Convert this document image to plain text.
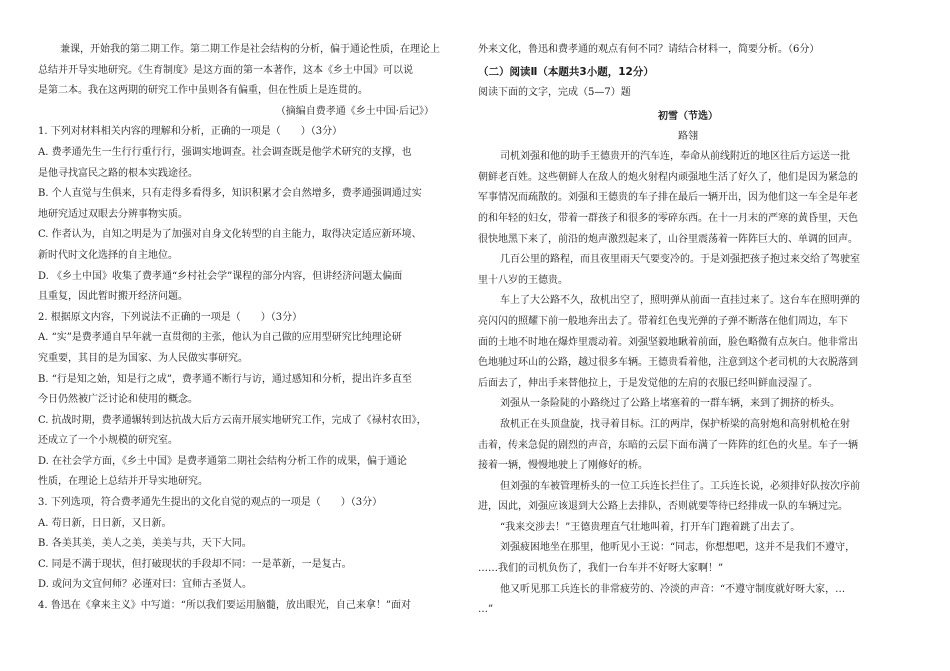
兼课，开始我的第二期工作。第二期工作是社会结构的分析，偏于通论性质，在理论上
总结并开导实地研究。《生育制度》是这方面的第一本著作，这本《乡土中国》可以说
是第二本。我在这两期的研究工作中虽则各有偏重，但在性质上是连贯的。
（摘编自费孝通《乡土中国·后记》）
1. 下列对材料相关内容的理解和分析，正确的一项是（　　）（3分）
A. 费孝通先生一生行行重行行，强调实地调查。社会调查既是他学术研究的支撑，也
是他寻找富民之路的根本实践途径。
B. 个人直觉与生俱来，只有走得多看得多，知识积累才会自然增多，费孝通强调通过实
地研究适过双眼去分辨事物实质。
C. 作者认为，自知之明是为了加强对自身文化转型的自主能力，取得决定适应新环境、
新时代时文化选择的自主地位。
D. 《乡土中国》收集了费孝通“乡村社会学”课程的部分内容，但讲经济问题太偏面
且重复，因此暂时搬开经济问题。
2. 根据原文内容，下列说法不正确的一项是（　　）（3分）
A. “实”是费孝通自早年就一直贯彻的主张，他认为自己做的应用型研究比纯理论研
究重要，其目的是为国家、为人民做实事研究。
B. “行是知之始，知是行之成”，费孝通不断行与访，通过感知和分析，提出许多直至
今日仍然被广泛讨论和使用的概念。
C. 抗战时期，费孝通辗转到达抗战大后方云南开展实地研究工作，完成了《禄村农田》，
还成立了一个小规模的研究室。
D. 在社会学方面，《乡土中国》是费孝通第二期社会结构分析工作的成果，偏于通论
性质，在理论上总结并开导实地研究。
3. 下列选项，符合费孝通先生提出的文化自觉的观点的一项是（　　）（3分）
A. 苟日新，日日新，又日新。
B. 各美其美，美人之美，美美与共，天下大同。
C. 同是不满于现状，但打破现状的手段却不同：一是革新，一是复古。
D. 或问为文宜何师？必谨对曰：宜师古圣贤人。
4. 鲁迅在《拿来主义》中写道：“所以我们要运用脑髓，放出眼光，自己来拿！”面对
外来文化，鲁迅和费孝通的观点有何不同？请结合材料一，简要分析。（6分）
（二）阅读Ⅱ（本题共3小题，12分）
阅读下面的文字，完成（5—7）题
初雪（节选）
路翎
司机刘强和他的助手王德贵开的汽车连，奉命从前线附近的地区往后方运送一批
朝鲜老百姓。这些朝鲜人在敌人的炮火射程内顽强地生活了好久了，他们是因为紧急的
军事情况而疏散的。刘强和王德贵的车子排在最后一辆开出，因为他们这一车全是年老
的和年轻的妇女，带着一群孩子和很多的零碎东西。在十一月末的严寒的黄昏里，天色
很快地黑下来了，前沿的炮声激烈起来了，山谷里震荡着一阵阵巨大的、单调的回声。
几百公里的路程，而且夜里雨天气要变冷的。于是刘强把孩子抱过来交给了驾驶室
里十八岁的王德贵。
车上了大公路不久，敌机出空了，照明弹从前面一直挂过来了。这台车在照明弹的
亮闪闪的照耀下前一般地奔出去了。带着红色曳光弹的子弹不断落在他们周边，车下
面的土地不时地在爆炸里震动着。刘强坚毅地瞅着前面，脸色略微有点灰白。他非常出
色地驰过环山的公路，越过很多车辆。王德贵看着他，注意到这个老司机的大衣脱落到
后面去了，伸出手来替他拉上，于是发觉他的左肩的衣服已经叫鲜血浸湿了。
刘强从一条险陡的小路绕过了公路上堵塞着的一群车辆，来到了拥挤的桥头。
敌机正在头顶盘旋，找寻着目标。江的两岸，保护桥梁的高射炮和高射机枪在射
击着，传来急促的剧烈的声音，东暗的云层下面布满了一阵阵的红色的火星。车子一辆
接着一辆，慢慢地驶上了刚修好的桥。
但刘强的车被管理桥头的一位工兵连长拦住了。工兵连长说，必须排好队按次序前
进，因此，刘强应该退到大公路上去排队，否则就要等待已经排成一队的车辆过完。
“我来交涉去！”王德贵理直气壮地叫着，打开车门跑着跳了出去了。
刘强疲困地坐在那里，他听见小王说：“同志，你想想吧，这并不是我们不遵守，
……我们的司机负伤了，我们一台车并不好呀大家啊！”
他又听见那工兵连长的非常疲劳的、冷淡的声音：“不遵守制度就好呀大家，…
…”
